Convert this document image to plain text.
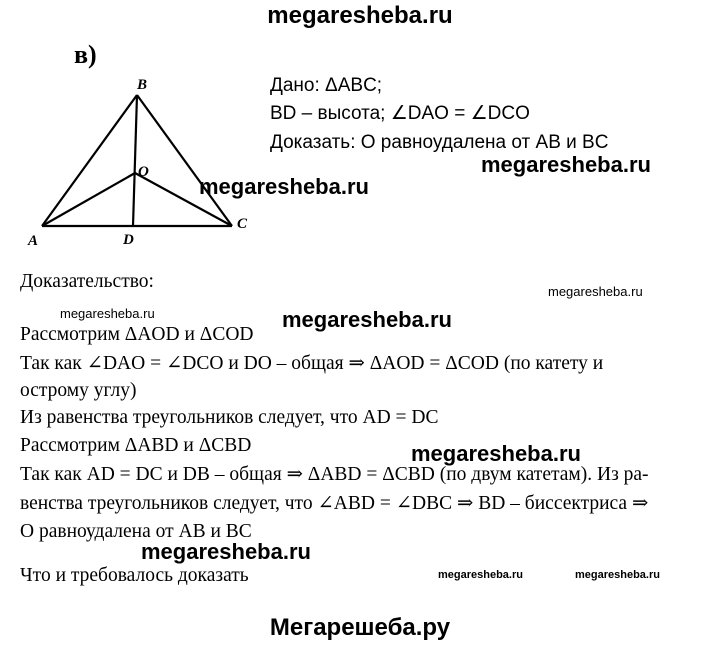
megaresheba.ru
в)
B
O
A	D
C
Дано: ΔABC;
BD – высота; ∠DAO = ∠DCO
Доказать: О равноудалена от AB и BC
Доказательство:
Рассмотрим ΔAOD и ΔCOD
Так как ∠DAO = ∠DCO и DO – общая ⇒ ΔAOD = ΔCOD (по катету и
острому углу)
Из равенства треугольников следует, что AD = DC
Рассмотрим ΔABD и ΔCBD
Так как AD = DC и DB – общая ⇒ ΔABD = ΔCBD (по двум катетам). Из ра-
венства треугольников следует, что ∠ABD = ∠DBC ⇒ BD – биссектриса ⇒
О равноудалена от AB и BC
Что и требовалось доказать
megaresheba.ru
megaresheba.ru
megaresheba.ru
megaresheba.ru	megaresheba.ru
megaresheba.ru
megaresheba.ru
megaresheba.ru	megaresheba.ru
Мегарешеба.ру
